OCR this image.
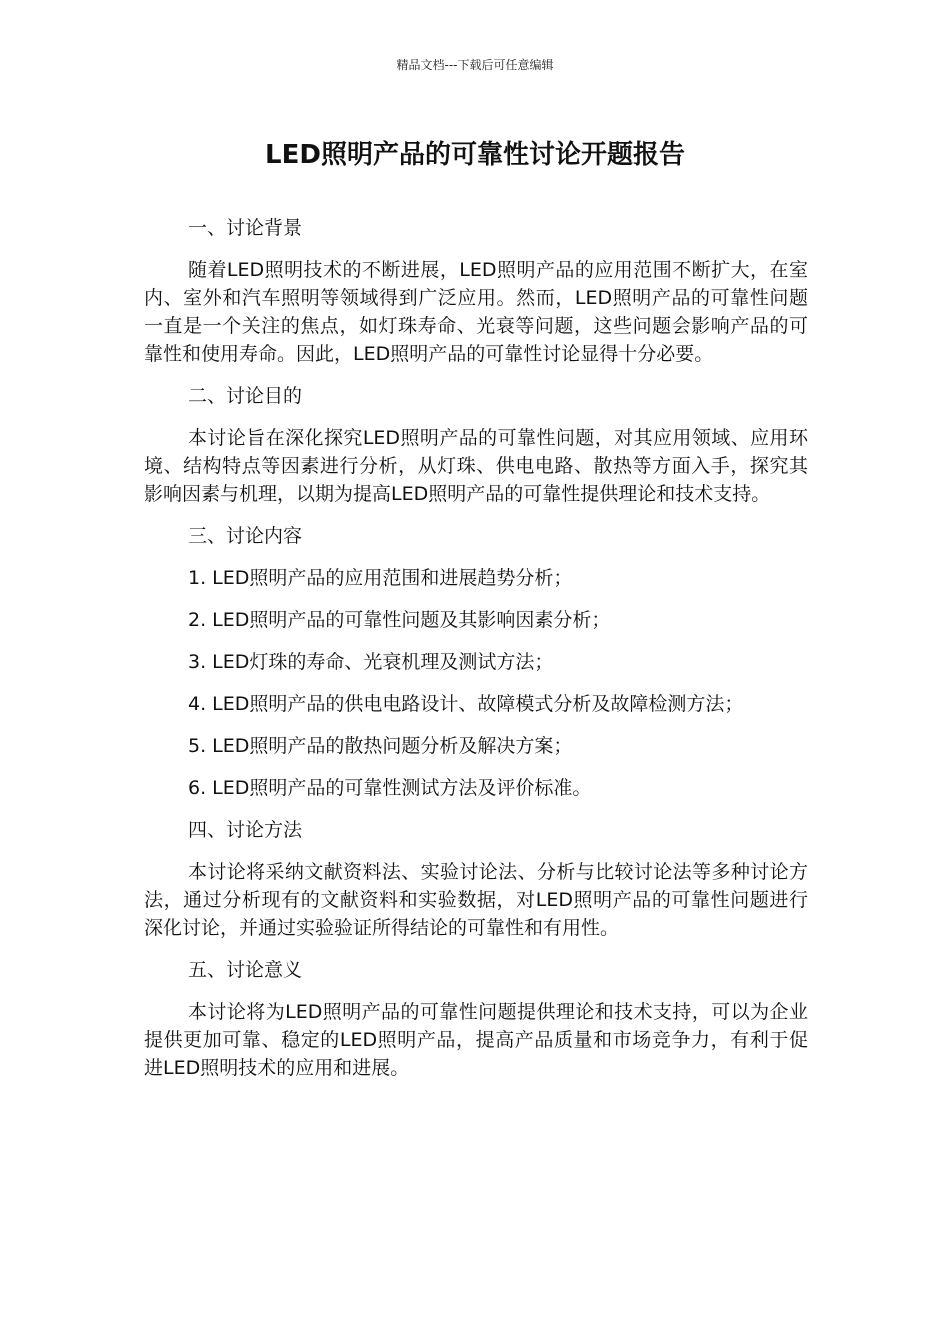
精品文档---下载后可任意编辑
LED照明产品的可靠性讨论开题报告

一、讨论背景

随着LED照明技术的不断进展，LED照明产品的应用范围不断扩大，在室内、室外和汽车照明等领域得到广泛应用。然而，LED照明产品的可靠性问题一直是一个关注的焦点，如灯珠寿命、光衰等问题，这些问题会影响产品的可靠性和使用寿命。因此，LED照明产品的可靠性讨论显得十分必要。

二、讨论目的

本讨论旨在深化探究LED照明产品的可靠性问题，对其应用领域、应用环境、结构特点等因素进行分析，从灯珠、供电电路、散热等方面入手，探究其影响因素与机理，以期为提高LED照明产品的可靠性提供理论和技术支持。

三、讨论内容

1. LED照明产品的应用范围和进展趋势分析；

2. LED照明产品的可靠性问题及其影响因素分析；

3. LED灯珠的寿命、光衰机理及测试方法；

4. LED照明产品的供电电路设计、故障模式分析及故障检测方法；

5. LED照明产品的散热问题分析及解决方案；

6. LED照明产品的可靠性测试方法及评价标准。

四、讨论方法

本讨论将采纳文献资料法、实验讨论法、分析与比较讨论法等多种讨论方法，通过分析现有的文献资料和实验数据，对LED照明产品的可靠性问题进行深化讨论，并通过实验验证所得结论的可靠性和有用性。

五、讨论意义

本讨论将为LED照明产品的可靠性问题提供理论和技术支持，可以为企业提供更加可靠、稳定的LED照明产品，提高产品质量和市场竞争力，有利于促进LED照明技术的应用和进展。
